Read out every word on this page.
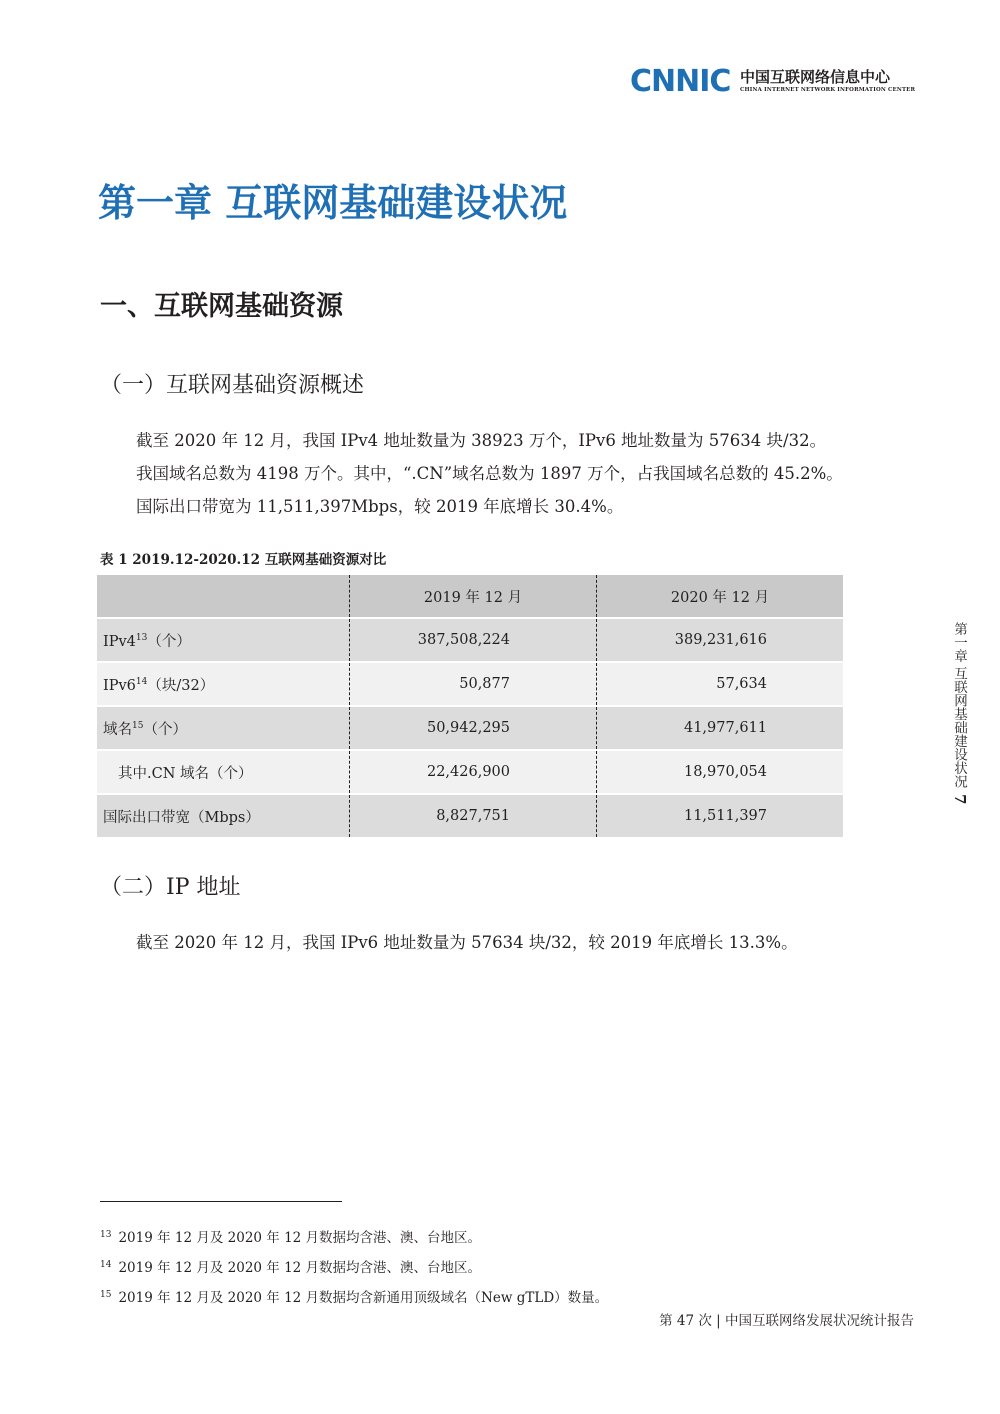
CNNIC 中国互联网络信息中心
CHINA INTERNET NETWORK INFORMATION CENTER
第一章 互联网基础建设状况
一、互联网基础资源
（一）互联网基础资源概述

截至 2020 年 12 月，我国 IPv4 地址数量为 38923 万个，IPv6 地址数量为 57634 块/32。

我国域名总数为 4198 万个。其中，“.CN”域名总数为 1897 万个，占我国域名总数的 45.2%。

国际出口带宽为 11,511,397Mbps，较 2019 年底增长 30.4%。

表 1 2019.12-2020.12 互联网基础资源对比
	2019 年 12 月	2020 年 12 月
$IPv4^{13}$（个）	387,508,224	389,231,616
$IPv6^{14}$（块/32）	50,877	57,634
域名$^{15}$（个）	50,942,295	41,977,611
其中.CN 域名（个）	22,426,900	18,970,054
国际出口带宽（Mbps）	8,827,751	11,511,397
（二）IP 地址

截至 2020 年 12 月，我国 IPv6 地址数量为 57634 块/32，较 2019 年底增长 13.3%。

第一章 互联网基础建设状况
7

$^{13}$ 2019 年 12 月及 2020 年 12 月数据均含港、澳、台地区。

$^{14}$ 2019 年 12 月及 2020 年 12 月数据均含港、澳、台地区。

$^{15}$ 2019 年 12 月及 2020 年 12 月数据均含新通用顶级域名（New gTLD）数量。

第 47 次 | 中国互联网络发展状况统计报告
